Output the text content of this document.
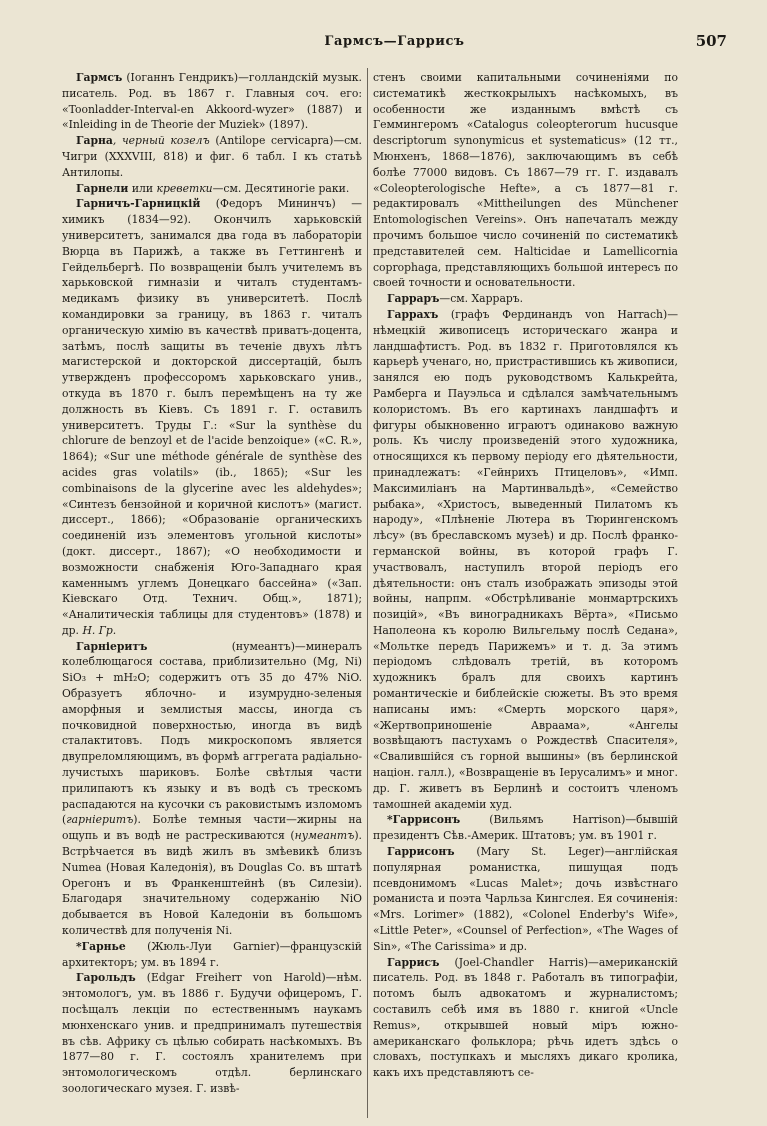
Гармсъ—Гаррисъ	507

Гармсъ (Іоганнъ Гендрикъ)—голландскій музык. писатель. Род. въ 1867 г. Главныя соч. его: «Toonladder-Interval-en Akkoord-wyzer» (1887) и «Inleiding in de Theorie der Muziek» (1897).

Гарна, черный козелъ (Antilope cervicapra)—см. Чигри (XXXVIII, 818) и фиг. 6 табл. I къ статьѣ Антилопы.

Гарнели или креветки—см. Десятиногіе раки.

Гарничъ-Гарницкій (Федоръ Мининчъ) — химикъ (1834—92). Окончилъ харьковскій университетъ, занимался два года въ лабораторіи Вюрца въ Парижѣ, а также въ Геттингенѣ и Гейдельбергѣ. По возвращеніи былъ учителемъ въ харьковской гимназіи и читалъ студентамъ-медикамъ физику въ университетѣ. Послѣ командировки за границу, въ 1863 г. читалъ органическую химію въ качествѣ приватъ-доцента, затѣмъ, послѣ защиты въ теченіе двухъ лѣтъ магистерской и докторской диссертацій, былъ утвержденъ профессоромъ харьковскаго унив., откуда въ 1870 г. былъ перемѣщенъ на ту же должность въ Кіевъ. Съ 1891 г. Г. оставилъ университетъ. Труды Г.: «Sur la synthèse du chlorure de benzoyl et de l'acide benzoique» («C. R.», 1864); «Sur une méthode générale de synthèse des acides gras volatils» (ib., 1865); «Sur les combinaisons de la glycerine avec les aldehydes»; «Синтезъ бензойной и коричной кислотъ» (магист. диссерт., 1866); «Образованіе органическихъ соединеній изъ элементовъ угольной кислоты» (докт. диссерт., 1867); «О необходимости и возможности снабженія Юго-Западнаго края каменнымъ углемъ Донецкаго бассейна» («Зап. Кіевскаго Отд. Технич. Общ.», 1871); «Аналитическія таблицы для студентовъ» (1878) и др. Н. Гр.

Гарніеритъ (нумеантъ)—минералъ колеблющагося состава, приблизительно (Mg, Ni) SiO₃ + mH₂O; содержитъ отъ 35 до 47% NiO. Образуетъ яблочно- и изумрудно-зеленыя аморфныя и землистыя массы, иногда съ почковидной поверхностью, иногда въ видѣ сталактитовъ. Подъ микроскопомъ является двупреломляющимъ, въ формѣ аггрегата радіально-лучистыхъ шариковъ. Болѣе свѣтлыя части прилипаютъ къ языку и въ водѣ съ трескомъ распадаются на кусочки съ раковистымъ изломомъ (гарніеритъ). Болѣе темныя части—жирны на ощупь и въ водѣ не растрескиваются (нумеантъ). Встрѣчается въ видѣ жилъ въ змѣевикѣ близъ Numea (Новая Каледонія), въ Douglas Co. въ штатѣ Орегонъ и въ Франкенштейнѣ (въ Силезіи). Благодаря значительному содержанію NiO добывается въ Новой Каледоніи въ большомъ количествѣ для полученія Ni.

*Гарнье (Жюль-Луи Garnier)—французскій архитекторъ; ум. въ 1894 г.

Гарольдъ (Edgar Freiherr von Harold)—нѣм. энтомологъ, ум. въ 1886 г. Будучи офицеромъ, Г. посѣщалъ лекціи по естественнымъ наукамъ мюнхенскаго унив. и предпринималъ путешествія въ сѣв. Африку съ цѣлью собирать насѣкомыхъ. Въ 1877—80 г. Г. состоялъ хранителемъ при энтомологическомъ отдѣл. берлинскаго зоологическаго музея. Г. извѣ-

стенъ своими капитальными сочиненіями по систематикѣ жесткокрылыхъ насѣкомыхъ, въ особенности же изданнымъ вмѣстѣ съ Геммингеромъ «Catalogus coleopterorum hucusque descriptorum synonymicus et systematicus» (12 тт., Мюнхенъ, 1868—1876), заключающимъ въ себѣ болѣе 77000 видовъ. Съ 1867—79 гг. Г. издавалъ «Coleopterologische Hefte», а съ 1877—81 г. редактировалъ «Mittheilungen des Münchener Entomologischen Vereins». Онъ напечаталъ между прочимъ большое число сочиненій по систематикѣ представителей сем. Halticidae и Lamellicornia coprophaga, представляющихъ большой интересъ по своей точности и основательности.

Гарраръ—см. Харраръ.

Гаррахъ (графъ Фердинандъ von Harrach)—нѣмецкій живописецъ историческаго жанра и ландшафтистъ. Род. въ 1832 г. Приготовлялся къ карьерѣ ученаго, но, пристрастившись къ живописи, занялся ею подъ руководствомъ Калькрейта, Рамберга и Пауэльса и сдѣлался замѣчательнымъ колористомъ. Въ его картинахъ ландшафтъ и фигуры обыкновенно играютъ одинаково важную роль. Къ числу произведеній этого художника, относящихся къ первому періоду его дѣятельности, принадлежатъ: «Гейнрихъ Птицеловъ», «Имп. Максимиліанъ на Мартинвальдѣ», «Семейство рыбака», «Христосъ, выведенный Пилатомъ къ народу», «Плѣненіе Лютера въ Тюрингенскомъ лѣсу» (въ бреславскомъ музеѣ) и др. Послѣ франко-германской войны, въ которой графъ Г. участвовалъ, наступилъ второй періодъ его дѣятельности: онъ сталъ изображать эпизоды этой войны, напрпм. «Обстрѣливаніе монмартрскихъ позицій», «Въ виноградникахъ Вёрта», «Письмо Наполеона къ королю Вильгельму послѣ Седана», «Мольтке передъ Парижемъ» и т. д. За этимъ періодомъ слѣдовалъ третій, въ которомъ художникъ бралъ для своихъ картинъ романтическіе и библейскіе сюжеты. Въ это время написаны имъ: «Смерть морского царя», «Жертвоприношеніе Авраама», «Ангелы возвѣщаютъ пастухамъ о Рождествѣ Спасителя», «Свалившійся съ горной вышины» (въ берлинской націон. галл.), «Возвращеніе въ Іерусалимъ» и мног. др. Г. живетъ въ Берлинѣ и состоитъ членомъ тамошней академіи худ.

*Гаррисонъ (Вильямъ Harrison)—бывшій президентъ Сѣв.-Америк. Штатовъ; ум. въ 1901 г.

Гаррисонъ (Mary St. Leger)—англійская популярная романистка, пишущая подъ псевдонимомъ «Lucas Malet»; дочь извѣстнаго романиста и поэта Чарльза Кингслея. Ея сочиненія: «Mrs. Lorimer» (1882), «Colonel Enderby's Wife», «Little Peter», «Counsel of Perfection», «The Wages of Sin», «The Carissima» и др.

Гаррисъ (Joel-Chandler Harris)—американскій писатель. Род. въ 1848 г. Работалъ въ типографіи, потомъ былъ адвокатомъ и журналистомъ; составилъ себѣ имя въ 1880 г. книгой «Uncle Remus», открывшей новый міръ южно-американскаго фольклора; рѣчь идетъ здѣсь о словахъ, поступкахъ и мысляхъ дикаго кролика, какъ ихъ представляютъ се-
